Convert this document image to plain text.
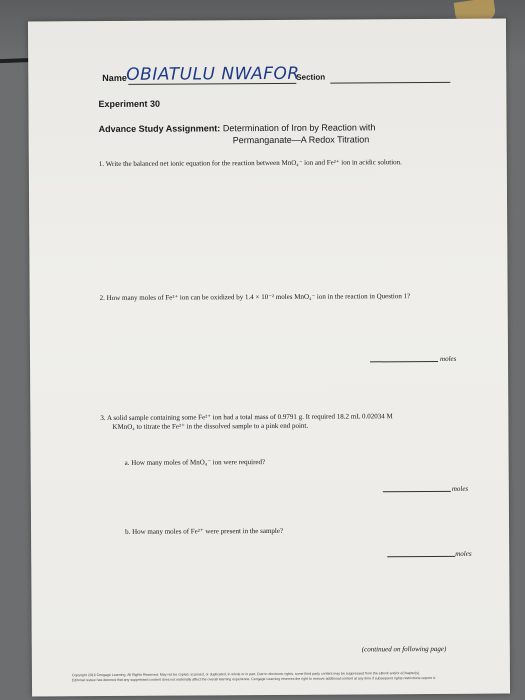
Name OBIATULU NWAFOR
Section
Experiment 30
Advance Study Assignment: Determination of Iron by Reaction with
Permanganate—A Redox Titration
1. Write the balanced net ionic equation for the reaction between MnO₄⁻ ion and Fe²⁺ ion in acidic solution.
2. How many moles of Fe²⁺ ion can be oxidized by 1.4 × 10⁻² moles MnO₄⁻ ion in the reaction in Question 1?
moles
3. A solid sample containing some Fe²⁺ ion had a total mass of 0.9791 g. It required 18.2 mL 0.02034 M
KMnO₄ to titrate the Fe²⁺ in the dissolved sample to a pink end point.
a. How many moles of MnO₄⁻ ion were required?
moles
b. How many moles of Fe²⁺ were present in the sample?
moles
(continued on following page)
Copyright 2016 Cengage Learning. All Rights Reserved. May not be copied, scanned, or duplicated, in whole or in part. Due to electronic rights, some third party content may be suppressed from the eBook and/or eChapter(s).
Editorial review has deemed that any suppressed content does not materially affect the overall learning experience. Cengage Learning reserves the right to remove additional content at any time if subsequent rights restrictions require it.
